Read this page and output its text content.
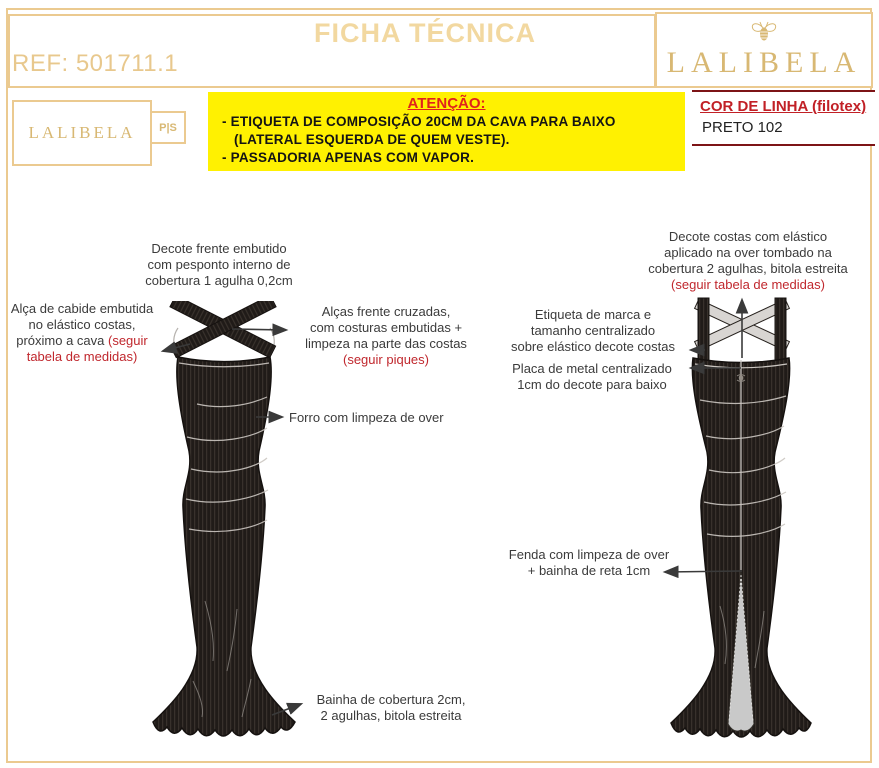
FICHA TÉCNICA
REF: 501711.1	LALIBELA
LALIBELA P|S
ATENÇÃO:
- ETIQUETA DE COMPOSIÇÃO 20CM DA CAVA PARA BAIXO
(LATERAL ESQUERDA DE QUEM VESTE).
- PASSADORIA APENAS COM VAPOR.
COR DE LINHA (filotex)
PRETO 102
Decote frente embutido
com pesponto interno de
cobertura 1 agulha 0,2cm
Alça de cabide embutida
no elástico costas,
próximo a cava (seguir
tabela de medidas)
Alças frente cruzadas,
com costuras embutidas +
limpeza na parte das costas
(seguir piques)
Forro com limpeza de over
Bainha de cobertura 2cm,
2 agulhas, bitola estreita
Decote costas com elástico
aplicado na over tombado na
cobertura 2 agulhas, bitola estreita
(seguir tabela de medidas)
Etiqueta de marca e
tamanho centralizado
sobre elástico decote costas
Placa de metal centralizado
1cm do decote para baixo
Fenda com limpeza de over
+ bainha de reta 1cm
